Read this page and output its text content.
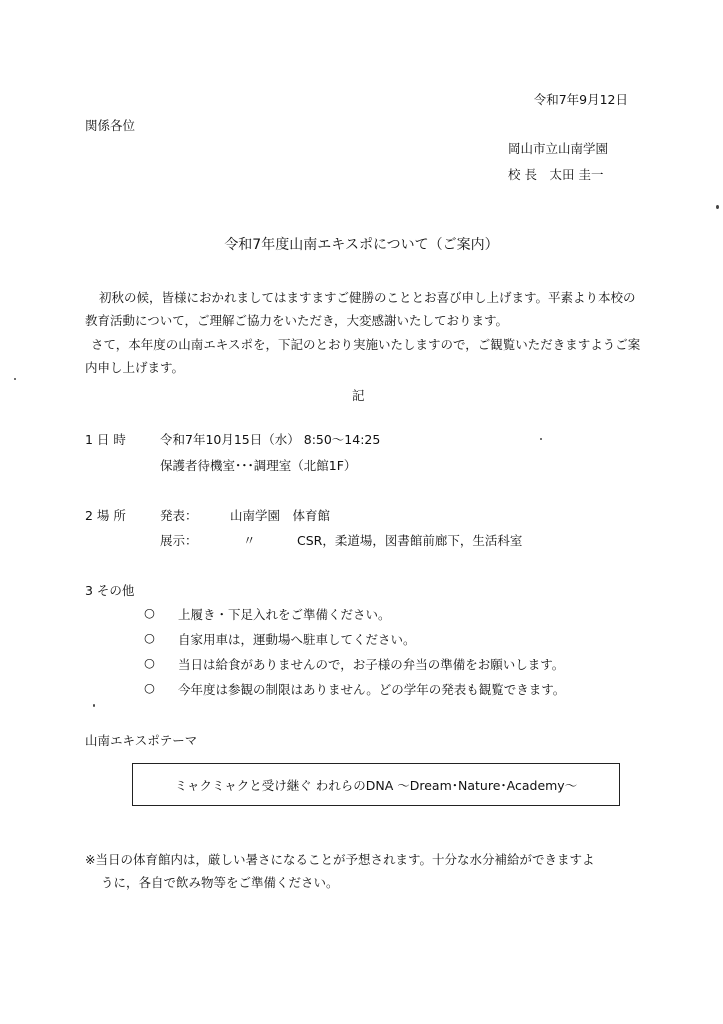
令和7年9月12日
関係各位
岡山市立山南学園
校 長　太田 圭一
令和7年度山南エキスポについて（ご案内）
初秋の候，皆様におかれましてはますますご健勝のこととお喜び申し上げます。平素より本校の教育活動について，ご理解ご協力をいただき，大変感謝いたしております。
さて，本年度の山南エキスポを，下記のとおり実施いたしますので，ご観覧いただきますようご案内申し上げます。
記
1 日 時	令和7年10月15日（水） 8:50～14:25
保護者待機室･･･調理室（北館1F）
2 場 所	発表：	山南学園　体育館
展示：	〃	CSR，柔道場，図書館前廊下，生活科室
3 その他
○ 上履き・下足入れをご準備ください。
○ 自家用車は，運動場へ駐車してください。
○ 当日は給食がありませんので，お子様の弁当の準備をお願いします。
○ 今年度は参観の制限はありません。どの学年の発表も観覧できます。
山南エキスポテーマ
ミャクミャクと受け継ぐ われらのDNA ～Dream･Nature･Academy～
※当日の体育館内は，厳しい暑さになることが予想されます。十分な水分補給ができますよ
うに，各自で飲み物等をご準備ください。
